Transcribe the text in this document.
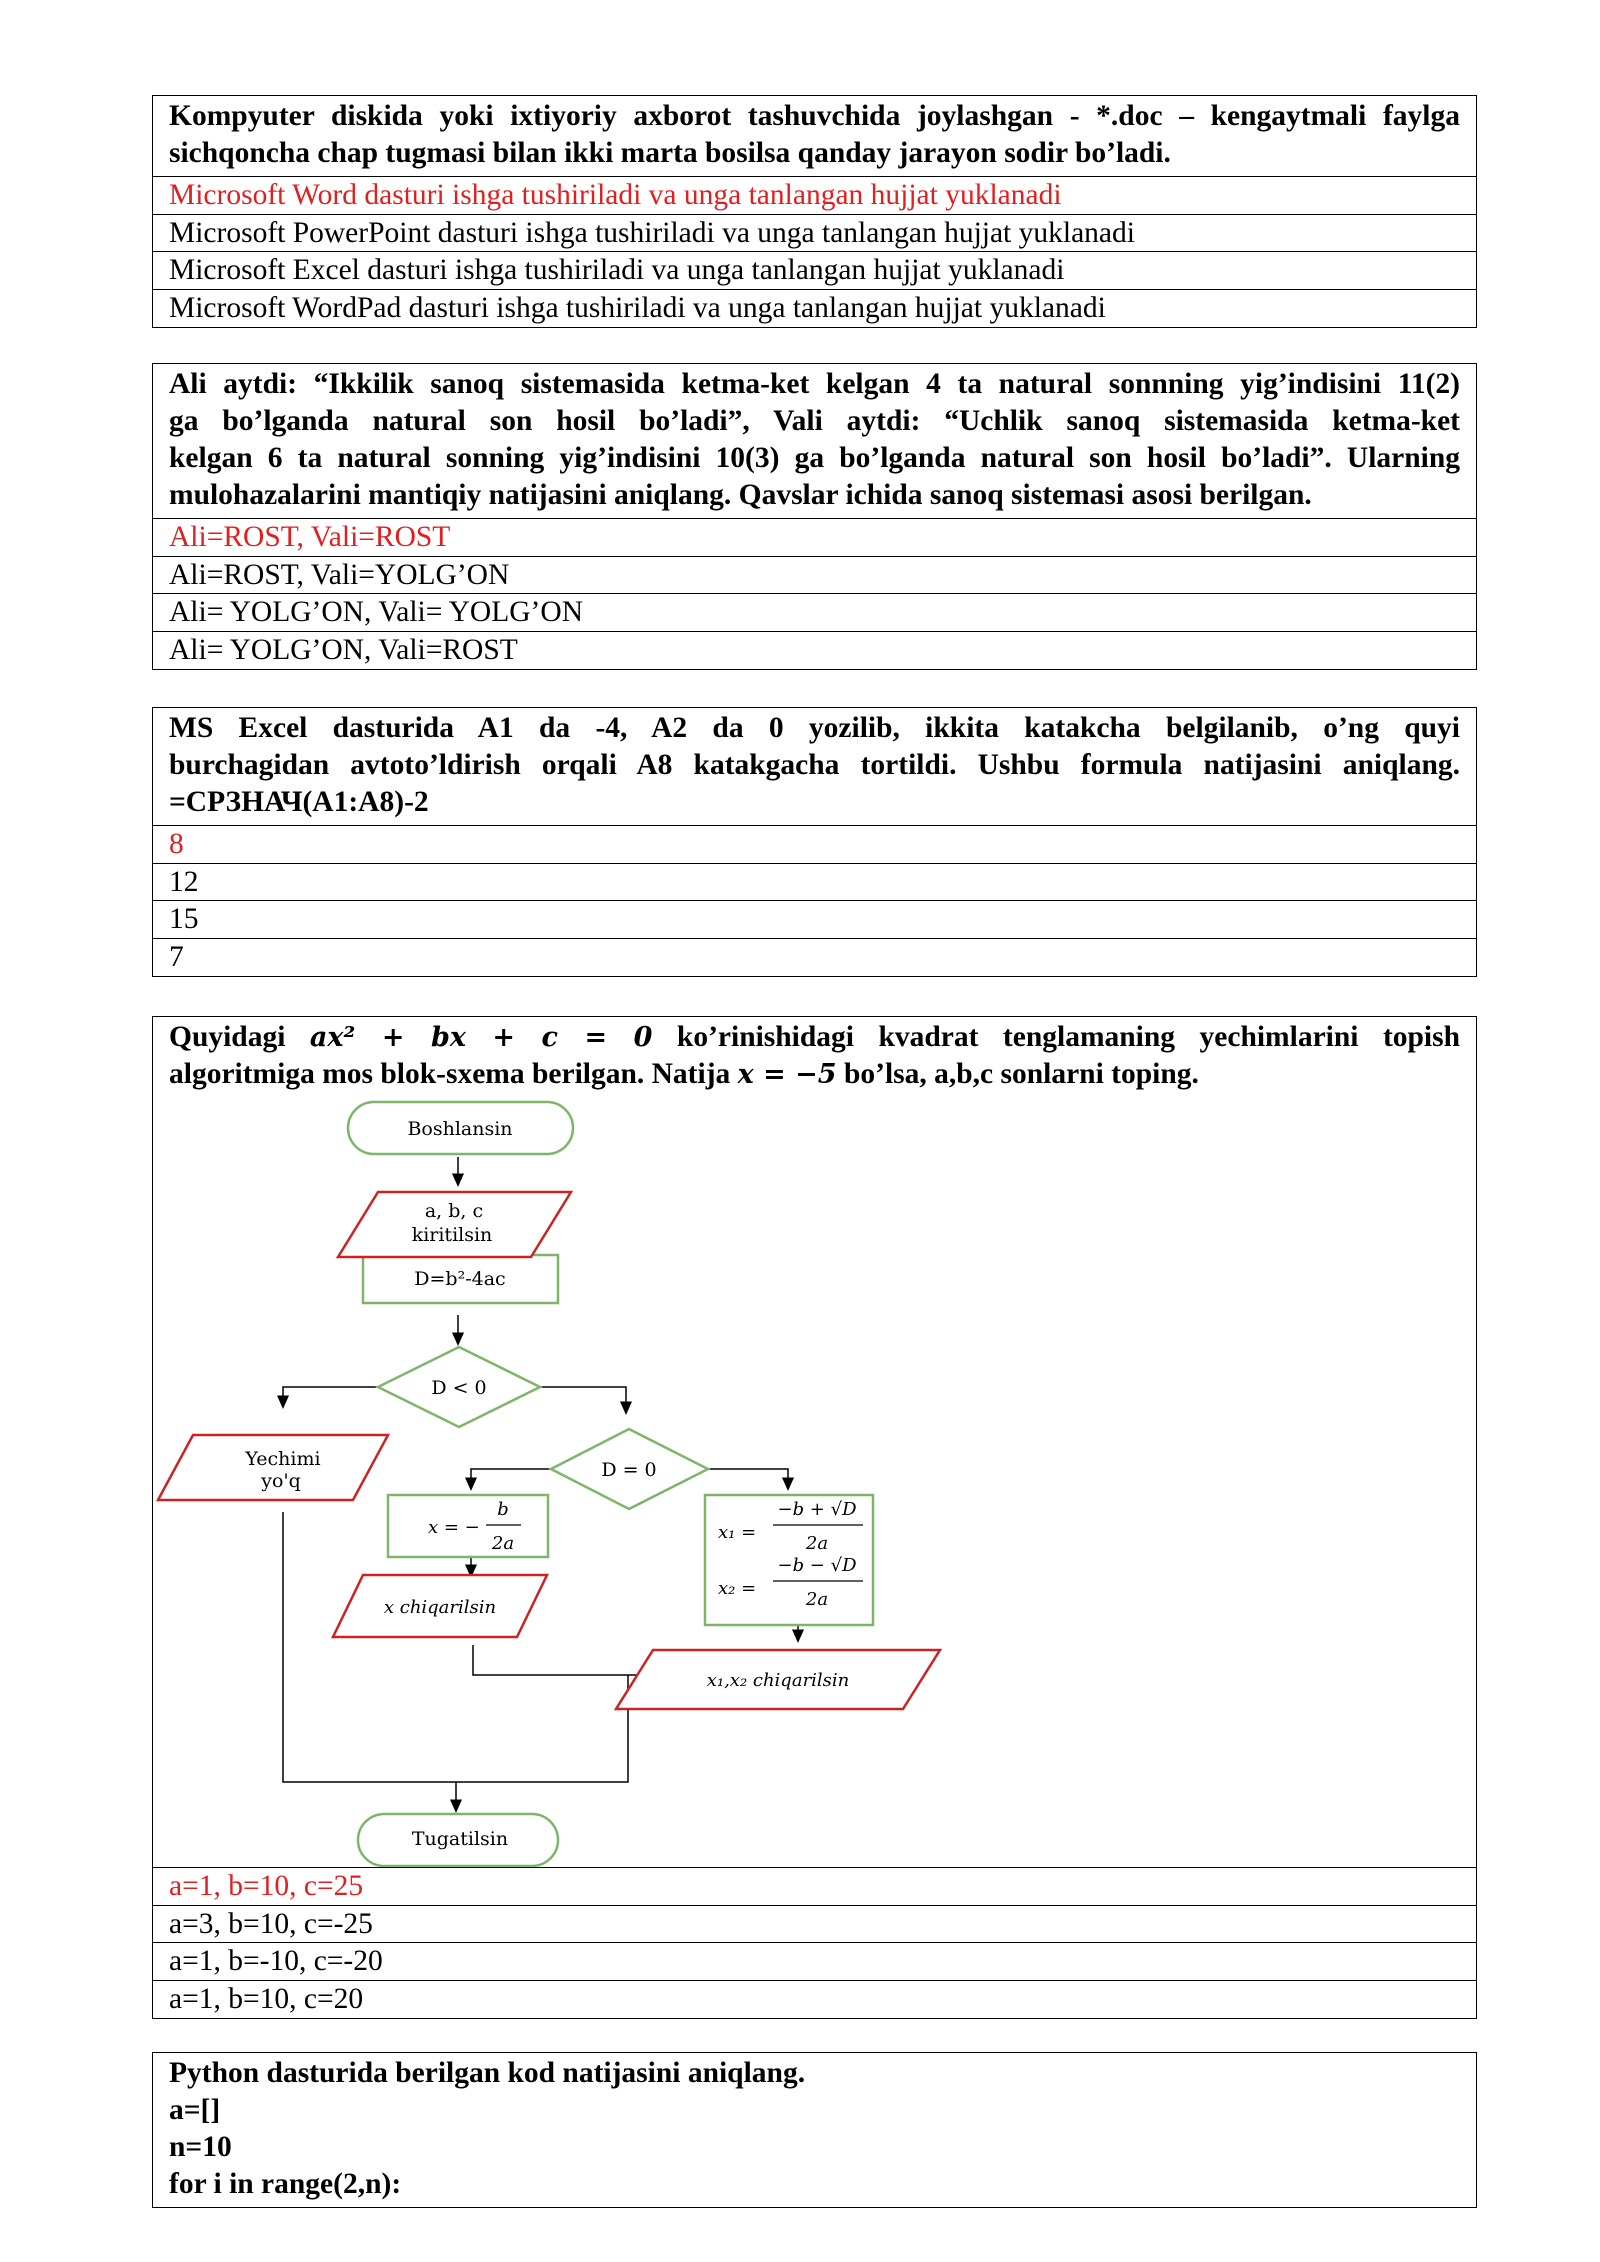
Kompyuter diskida yoki ixtiyoriy axborot tashuvchida joylashgan - *.doc – kengaytmali faylga
sichqoncha chap tugmasi bilan ikki marta bosilsa qanday jarayon sodir bo’ladi.
Microsoft Word dasturi ishga tushiriladi va unga tanlangan hujjat yuklanadi
Microsoft PowerPoint dasturi ishga tushiriladi va unga tanlangan hujjat yuklanadi
Microsoft Excel dasturi ishga tushiriladi va unga tanlangan hujjat yuklanadi
Microsoft WordPad dasturi ishga tushiriladi va unga tanlangan hujjat yuklanadi
Ali aytdi: “Ikkilik sanoq sistemasida ketma-ket kelgan 4 ta natural sonnning yig’indisini 11(2)
ga bo’lganda natural son hosil bo’ladi”, Vali aytdi: “Uchlik sanoq sistemasida ketma-ket
kelgan 6 ta natural sonning yig’indisini 10(3) ga bo’lganda natural son hosil bo’ladi”. Ularning
mulohazalarini mantiqiy natijasini aniqlang. Qavslar ichida sanoq sistemasi asosi berilgan.
Ali=ROST, Vali=ROST
Ali=ROST, Vali=YOLG’ON
Ali= YOLG’ON, Vali= YOLG’ON
Ali= YOLG’ON, Vali=ROST
MS Excel dasturida A1 da -4, A2 da 0 yozilib, ikkita katakcha belgilanib, o’ng quyi
burchagidan avtoto’ldirish orqali A8 katakgacha tortildi. Ushbu formula natijasini aniqlang.
=СРЗНАЧ(A1:A8)-2
8
12
15
7
Quyidagi ax² + bx + c = 0 ko’rinishidagi kvadrat tenglamaning yechimlarini topish
algoritmiga mos blok-sxema berilgan. Natija x = −5 bo’lsa, a,b,c sonlarni toping.
Boshlansin
a, b, c
kiritilsin
D=b²-4ac
D < 0
D = 0
Yechimi
yo'q
Tugatilsin
x = −
b
2a
x₁ =
−b + √D
2a
x₂ =
−b − √D
2a
x chiqarilsin
x₁,x₂ chiqarilsin
a=1, b=10, c=25
a=3, b=10, c=-25
a=1, b=-10, c=-20
a=1, b=10, c=20
Python dasturida berilgan kod natijasini aniqlang.
a=[]
n=10
for i in range(2,n):
